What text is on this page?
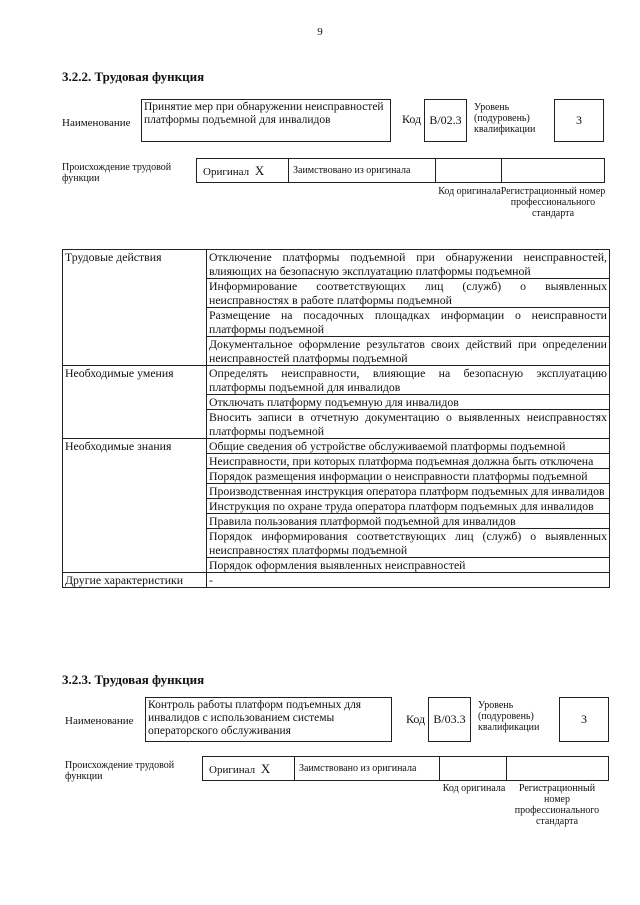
9
3.2.2. Трудовая функция
Наименование
Принятие мер при обнаружении неисправностей платформы подъемной для инвалидов	Код B/02.3
Уровень (подуровень) квалификации
3
Происхождение трудовой функции
Оригинал X	Заимствовано из оригинала
Код оригинала Регистрационный номер профессионального стандарта
Трудовые действия	Отключение платформы подъемной при обнаружении неисправностей, влияющих на безопасную эксплуатацию платформы подъемной
	Информирование соответствующих лиц (служб) о выявленных неисправностях в работе платформы подъемной
	Размещение на посадочных площадках информации о неисправности платформы подъемной
	Документальное оформление результатов своих действий при определении неисправностей платформы подъемной
Необходимые умения	Определять неисправности, влияющие на безопасную эксплуатацию платформы подъемной для инвалидов
	Отключать платформу подъемную для инвалидов
	Вносить записи в отчетную документацию о выявленных неисправностях платформы подъемной
Необходимые знания	Общие сведения об устройстве обслуживаемой платформы подъемной
	Неисправности, при которых платформа подъемная должна быть отключена
	Порядок размещения информации о неисправности платформы подъемной
	Производственная инструкция оператора платформ подъемных для инвалидов
	Инструкция по охране труда оператора платформ подъемных для инвалидов
	Правила пользования платформой подъемной для инвалидов
	Порядок информирования соответствующих лиц (служб) о выявленных неисправностях платформы подъемной
	Порядок оформления выявленных неисправностей
Другие характеристики	-
3.2.3. Трудовая функция
Наименование
Контроль работы платформ подъемных для инвалидов с использованием системы операторского обслуживания
Код B/03.3
Уровень (подуровень) квалификации
3
Происхождение трудовой функции
Оригинал X	Заимствовано из оригинала
Код оригинала	Регистрационный номер профессионального стандарта
